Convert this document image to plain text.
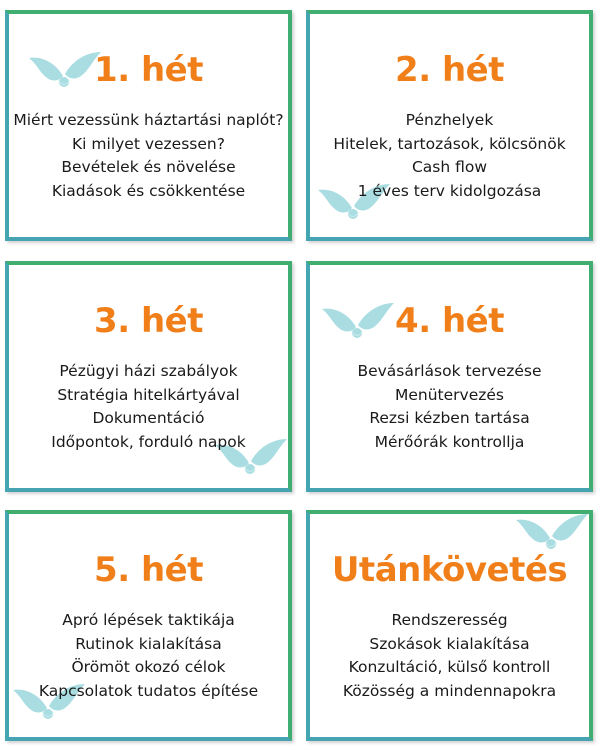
1. hét
Miért vezessünk háztartási naplót?
Ki milyet vezessen?
Bevételek és növelése
Kiadások és csökkentése
2. hét
Pénzhelyek
Hitelek, tartozások, kölcsönök
Cash flow
1 éves terv kidolgozása
3. hét
Pézügyi házi szabályok
Stratégia hitelkártyával
Dokumentáció
Időpontok, forduló napok
4. hét
Bevásárlások tervezése
Menütervezés
Rezsi kézben tartása
Mérőórák kontrollja
5. hét
Apró lépések taktikája
Rutinok kialakítása
Örömöt okozó célok
Kapcsolatok tudatos építése
Utánkövetés
Rendszeresség
Szokások kialakítása
Konzultáció, külső kontroll
Közösség a mindennapokra
